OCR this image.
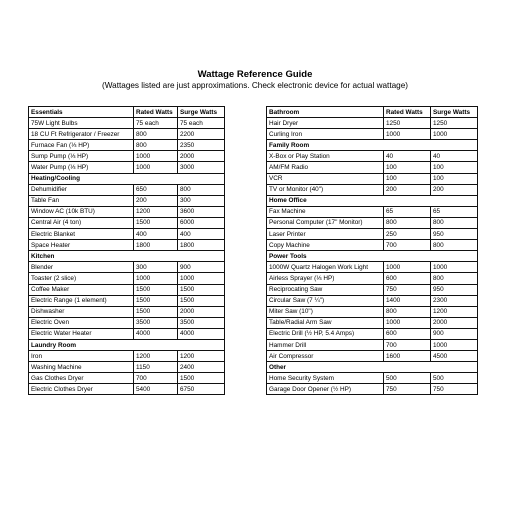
Wattage Reference Guide
(Wattages listed are just approximations. Check electronic device for actual wattage)
Essentials	Rated Watts	Surge Watts
75W Light Bulbs	75 each	75 each
18 CU Ft Refrigerator / Freezer	800	2200
Furnace Fan (⅓ HP)	800	2350
Sump Pump (⅓ HP)	1000	2000
Water Pump (⅓ HP)	1000	3000
Heating/Cooling		
Dehumidifier	650	800
Table Fan	200	300
Window AC (10k BTU)	1200	3600
Central Air (4 ton)	1500	6000
Electric Blanket	400	400
Space Heater	1800	1800
Kitchen		
Blender	300	900
Toaster (2 slice)	1000	1000
Coffee Maker	1500	1500
Electric Range (1 element)	1500	1500
Dishwasher	1500	2000
Electric Oven	3500	3500
Electric Water Heater	4000	4000
Laundry Room		
Iron	1200	1200
Washing Machine	1150	2400
Gas Clothes Dryer	700	1500
Electric Clothes Dryer	5400	6750
Bathroom	Rated Watts	Surge Watts
Hair Dryer	1250	1250
Curling Iron	1000	1000
Family Room		
X-Box or Play Station	40	40
AM/FM Radio	100	100
VCR	100	100
TV or Monitor (40")	200	200
Home Office		
Fax Machine	65	65
Personal Computer (17" Monitor)	800	800
Laser Printer	250	950
Copy Machine	700	800
Power Tools		
1000W Quartz Halogen Work Light	1000	1000
Airless Sprayer (⅓ HP)	600	800
Reciprocating Saw	750	950
Circular Saw (7 ¼")	1400	2300
Miter Saw (10")	800	1200
Table/Radial Arm Saw	1000	2000
Electric Drill (½ HP, 5.4 Amps)	600	900
Hammer Drill	700	1000
Air Compressor	1600	4500
Other		
Home Security System	500	500
Garage Door Opener (½ HP)	750	750
